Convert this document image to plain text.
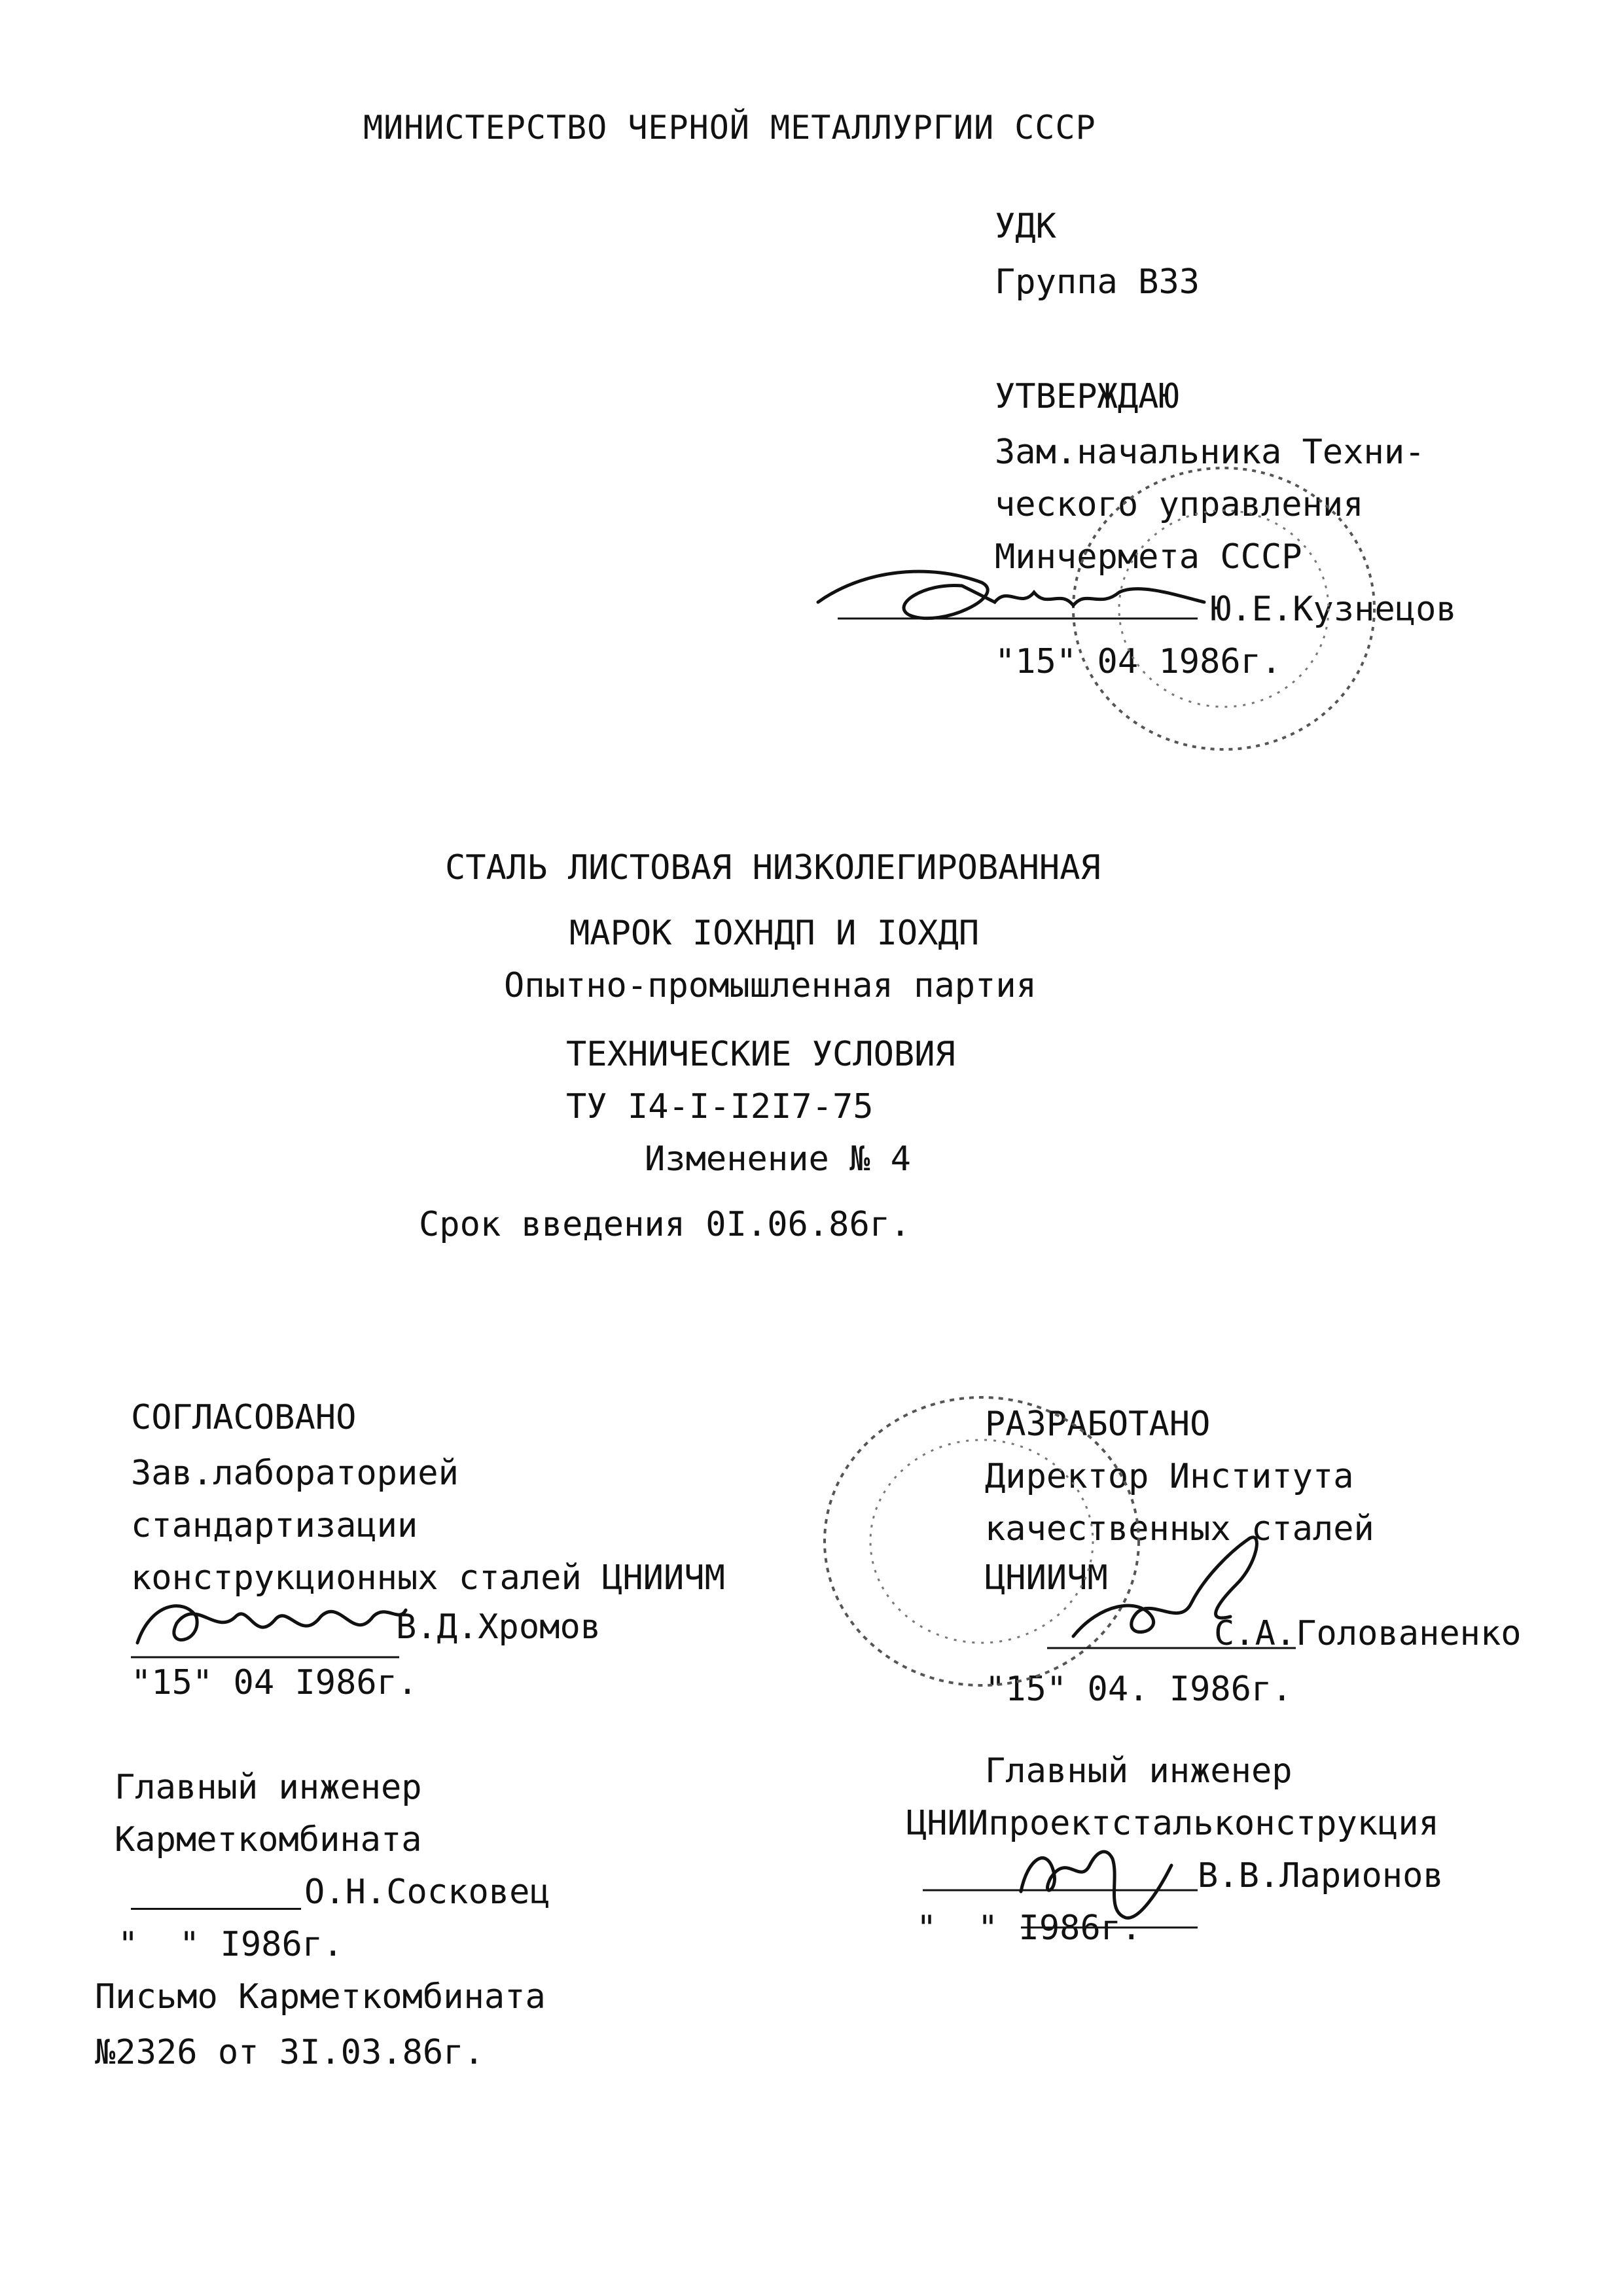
МИНИСТЕРСТВО ЧЕРНОЙ МЕТАЛЛУРГИИ СССР
УДК
Группа В33
УТВЕРЖДАЮ
Зам.начальника Техни-
ческого управления
Минчермета СССР
Ю.Е.Кузнецов
"15" 04 1986г.
СТАЛЬ ЛИСТОВАЯ НИЗКОЛЕГИРОВАННАЯ
МАРОК IOXНДП И IOXДП
Опытно-промышленная партия
ТЕХНИЧЕСКИЕ УСЛОВИЯ
ТУ I4-I-I2I7-75
Изменение № 4
Срок введения 0I.06.86г.
СОГЛАСОВАНО
Зав.лабораторией
стандартизации
конструкционных сталей ЦНИИЧМ
В.Д.Хромов
"15" 04 I986г.
РАЗРАБОТАНО
Директор Института
качественных сталей
ЦНИИЧМ
С.А.Голованенко
"15" 04. I986г.
Главный инженер
Карметкомбината
О.Н.Сосковец
"  " I986г.
Письмо Карметкомбината
№2326 от 3I.03.86г.
Главный инженер
ЦНИИпроектстальконструкция
В.В.Ларионов
"  " I986г.
